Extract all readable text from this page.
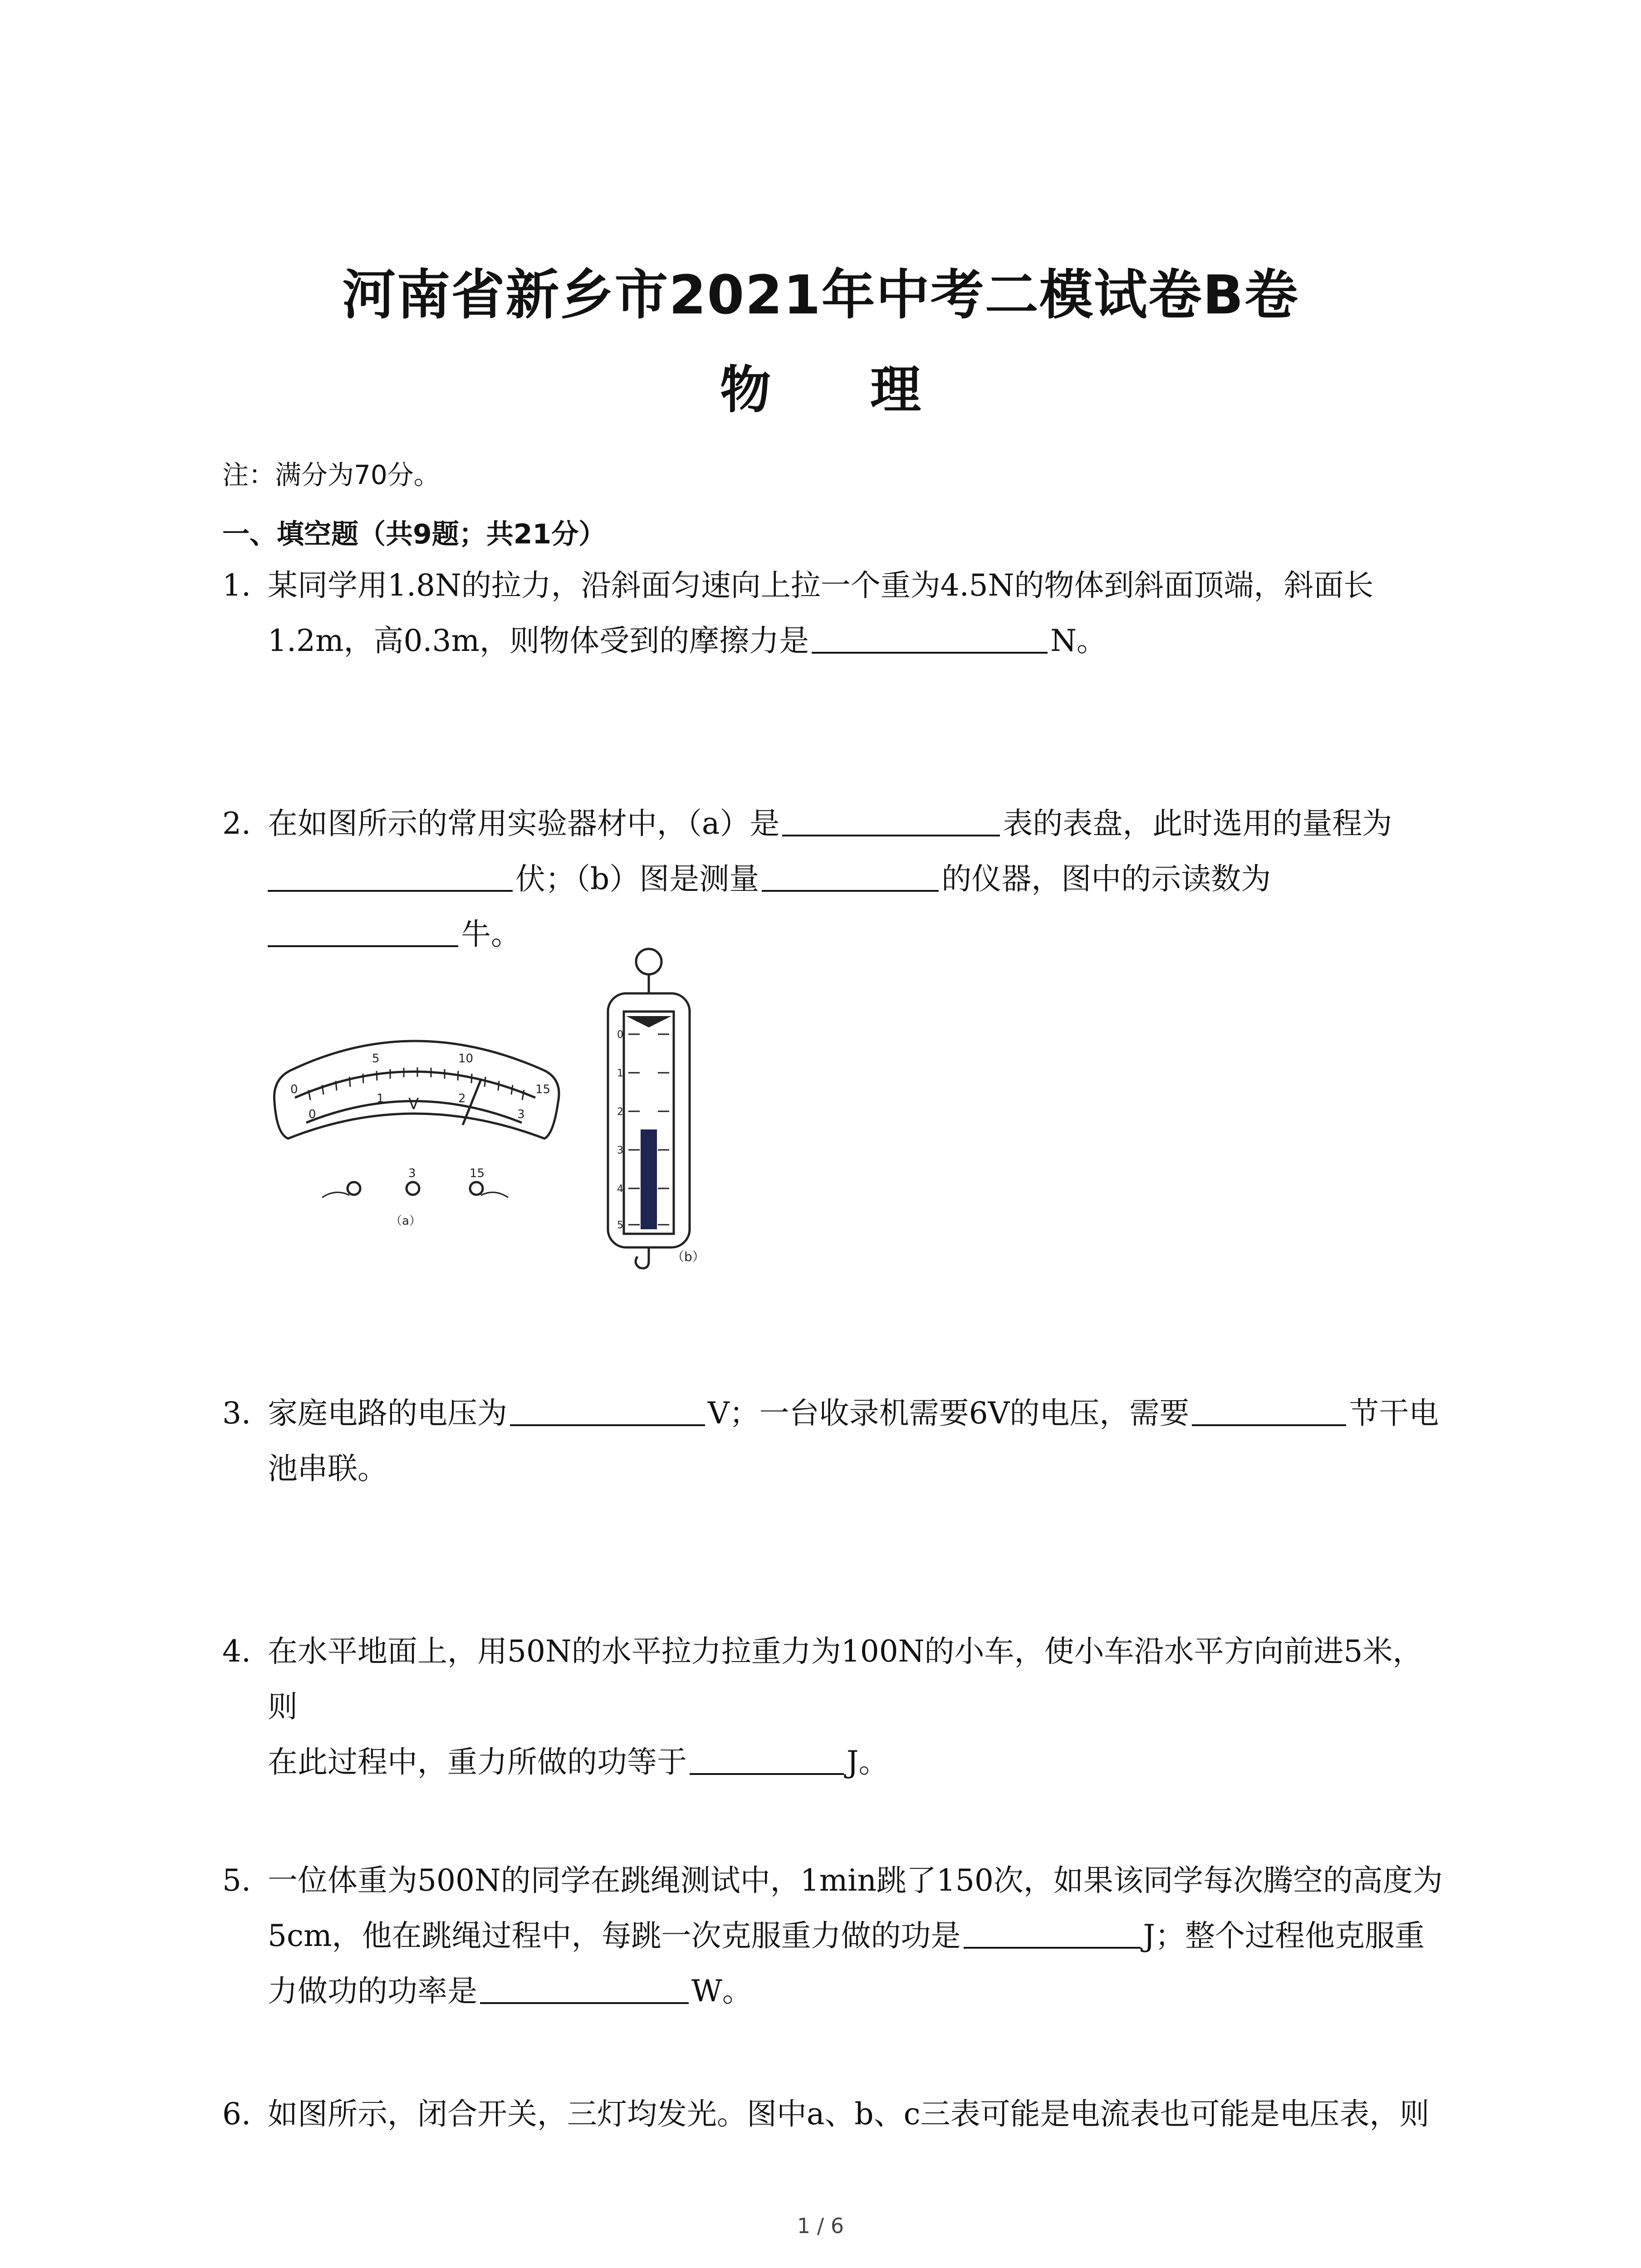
河南省新乡市2021年中考二模试卷B卷
物 理
注：满分为70分。
一、填空题（共9题；共21分）
1. 某同学用1.8N的拉力，沿斜面匀速向上拉一个重为4.5N的物体到斜面顶端，斜面长
1.2m，高0.3m，则物体受到的摩擦力是	N。
2. 在如图所示的常用实验器材中，（a）是	表的表盘，此时选用的量程为
伏；（b）图是测量	的仪器，图中的示读数为
牛。
0
5	10
15
0
1	2
3
V
3	15
（a）
0
1
2
3
4
5
（b）
3. 家庭电路的电压为	V；一台收录机需要6V的电压，需要	节干电
池串联。
4. 在水平地面上，用50N的水平拉力拉重力为100N的小车，使小车沿水平方向前进5米，则
在此过程中，重力所做的功等于	J。
5. 一位体重为500N的同学在跳绳测试中，1min跳了150次，如果该同学每次腾空的高度为
5cm，他在跳绳过程中，每跳一次克服重力做的功是	J；整个过程他克服重
力做功的功率是	W。
6. 如图所示，闭合开关，三灯均发光。图中a、b、c三表可能是电流表也可能是电压表，则
1 / 6
